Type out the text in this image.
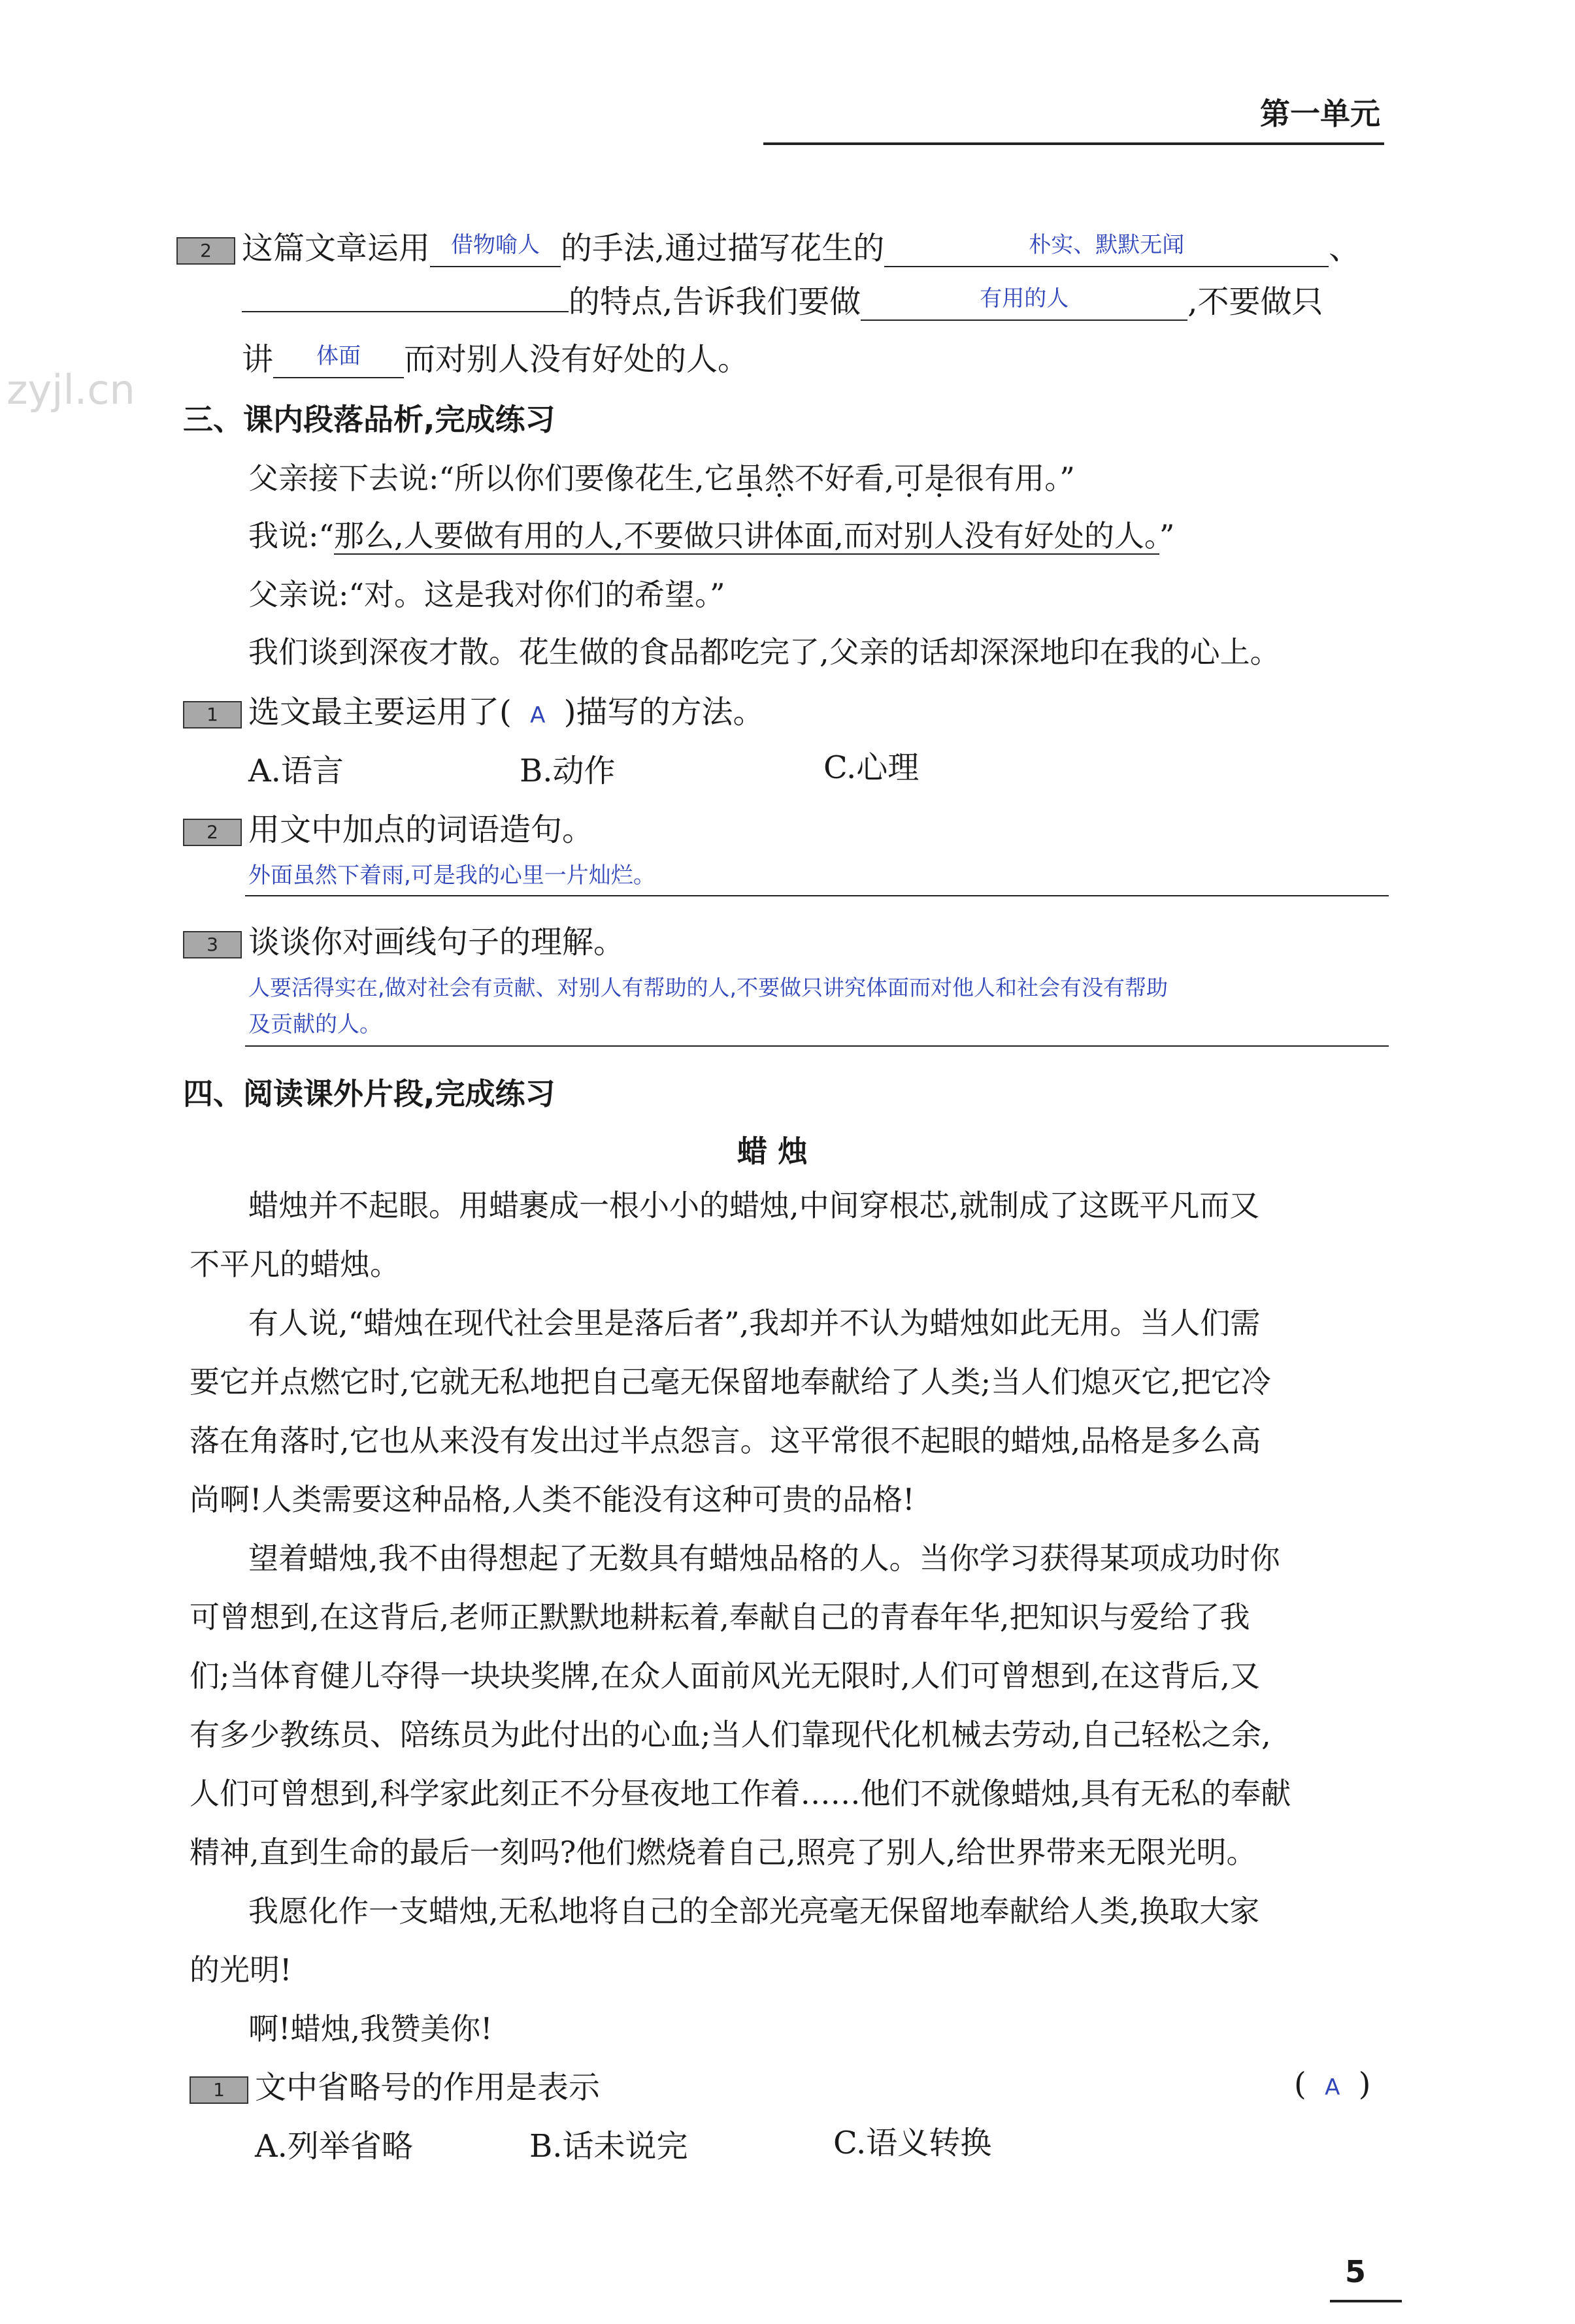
第一单元
zyjl.cn
2 这篇文章运用 $^{借物喻人}$ 的手法,通过描写花生的	$^{朴实、默默无闻}$	、
的特点,告诉我们要做	$^{有用的人}$	,不要做只
讲 $^{体面}$ 而对别人没有好处的人。
三、课内段落品析,完成练习
父亲接下去说:“所以你们要像花生,它虽然不好看,可是很有用。”
我说:“那么,人要做有用的人,不要做只讲体面,而对别人没有好处的人。”
父亲说:“对。这是我对你们的希望。”
我们谈到深夜才散。花生做的食品都吃完了,父亲的话却深深地印在我的心上。
1 选文最主要运用了( A )描写的方法。
A.语言	B.动作	C.心理
2 用文中加点的词语造句。
外面虽然下着雨,可是我的心里一片灿烂。
3 谈谈你对画线句子的理解。
人要活得实在,做对社会有贡献、对别人有帮助的人,不要做只讲究体面而对他人和社会有没有帮助
及贡献的人。
四、阅读课外片段,完成练习
蜡 烛
蜡烛并不起眼。用蜡裹成一根小小的蜡烛,中间穿根芯,就制成了这既平凡而又
不平凡的蜡烛。
有人说,“蜡烛在现代社会里是落后者”,我却并不认为蜡烛如此无用。当人们需
要它并点燃它时,它就无私地把自己毫无保留地奉献给了人类;当人们熄灭它,把它冷
落在角落时,它也从来没有发出过半点怨言。这平常很不起眼的蜡烛,品格是多么高
尚啊!人类需要这种品格,人类不能没有这种可贵的品格!
望着蜡烛,我不由得想起了无数具有蜡烛品格的人。当你学习获得某项成功时你
可曾想到,在这背后,老师正默默地耕耘着,奉献自己的青春年华,把知识与爱给了我
们;当体育健儿夺得一块块奖牌,在众人面前风光无限时,人们可曾想到,在这背后,又
有多少教练员、陪练员为此付出的心血;当人们靠现代化机械去劳动,自己轻松之余,
人们可曾想到,科学家此刻正不分昼夜地工作着……他们不就像蜡烛,具有无私的奉献
精神,直到生命的最后一刻吗?他们燃烧着自己,照亮了别人,给世界带来无限光明。
我愿化作一支蜡烛,无私地将自己的全部光亮毫无保留地奉献给人类,换取大家
的光明!
啊!蜡烛,我赞美你!
1 文中省略号的作用是表示	( A )
A.列举省略	B.话未说完	C.语义转换
5
